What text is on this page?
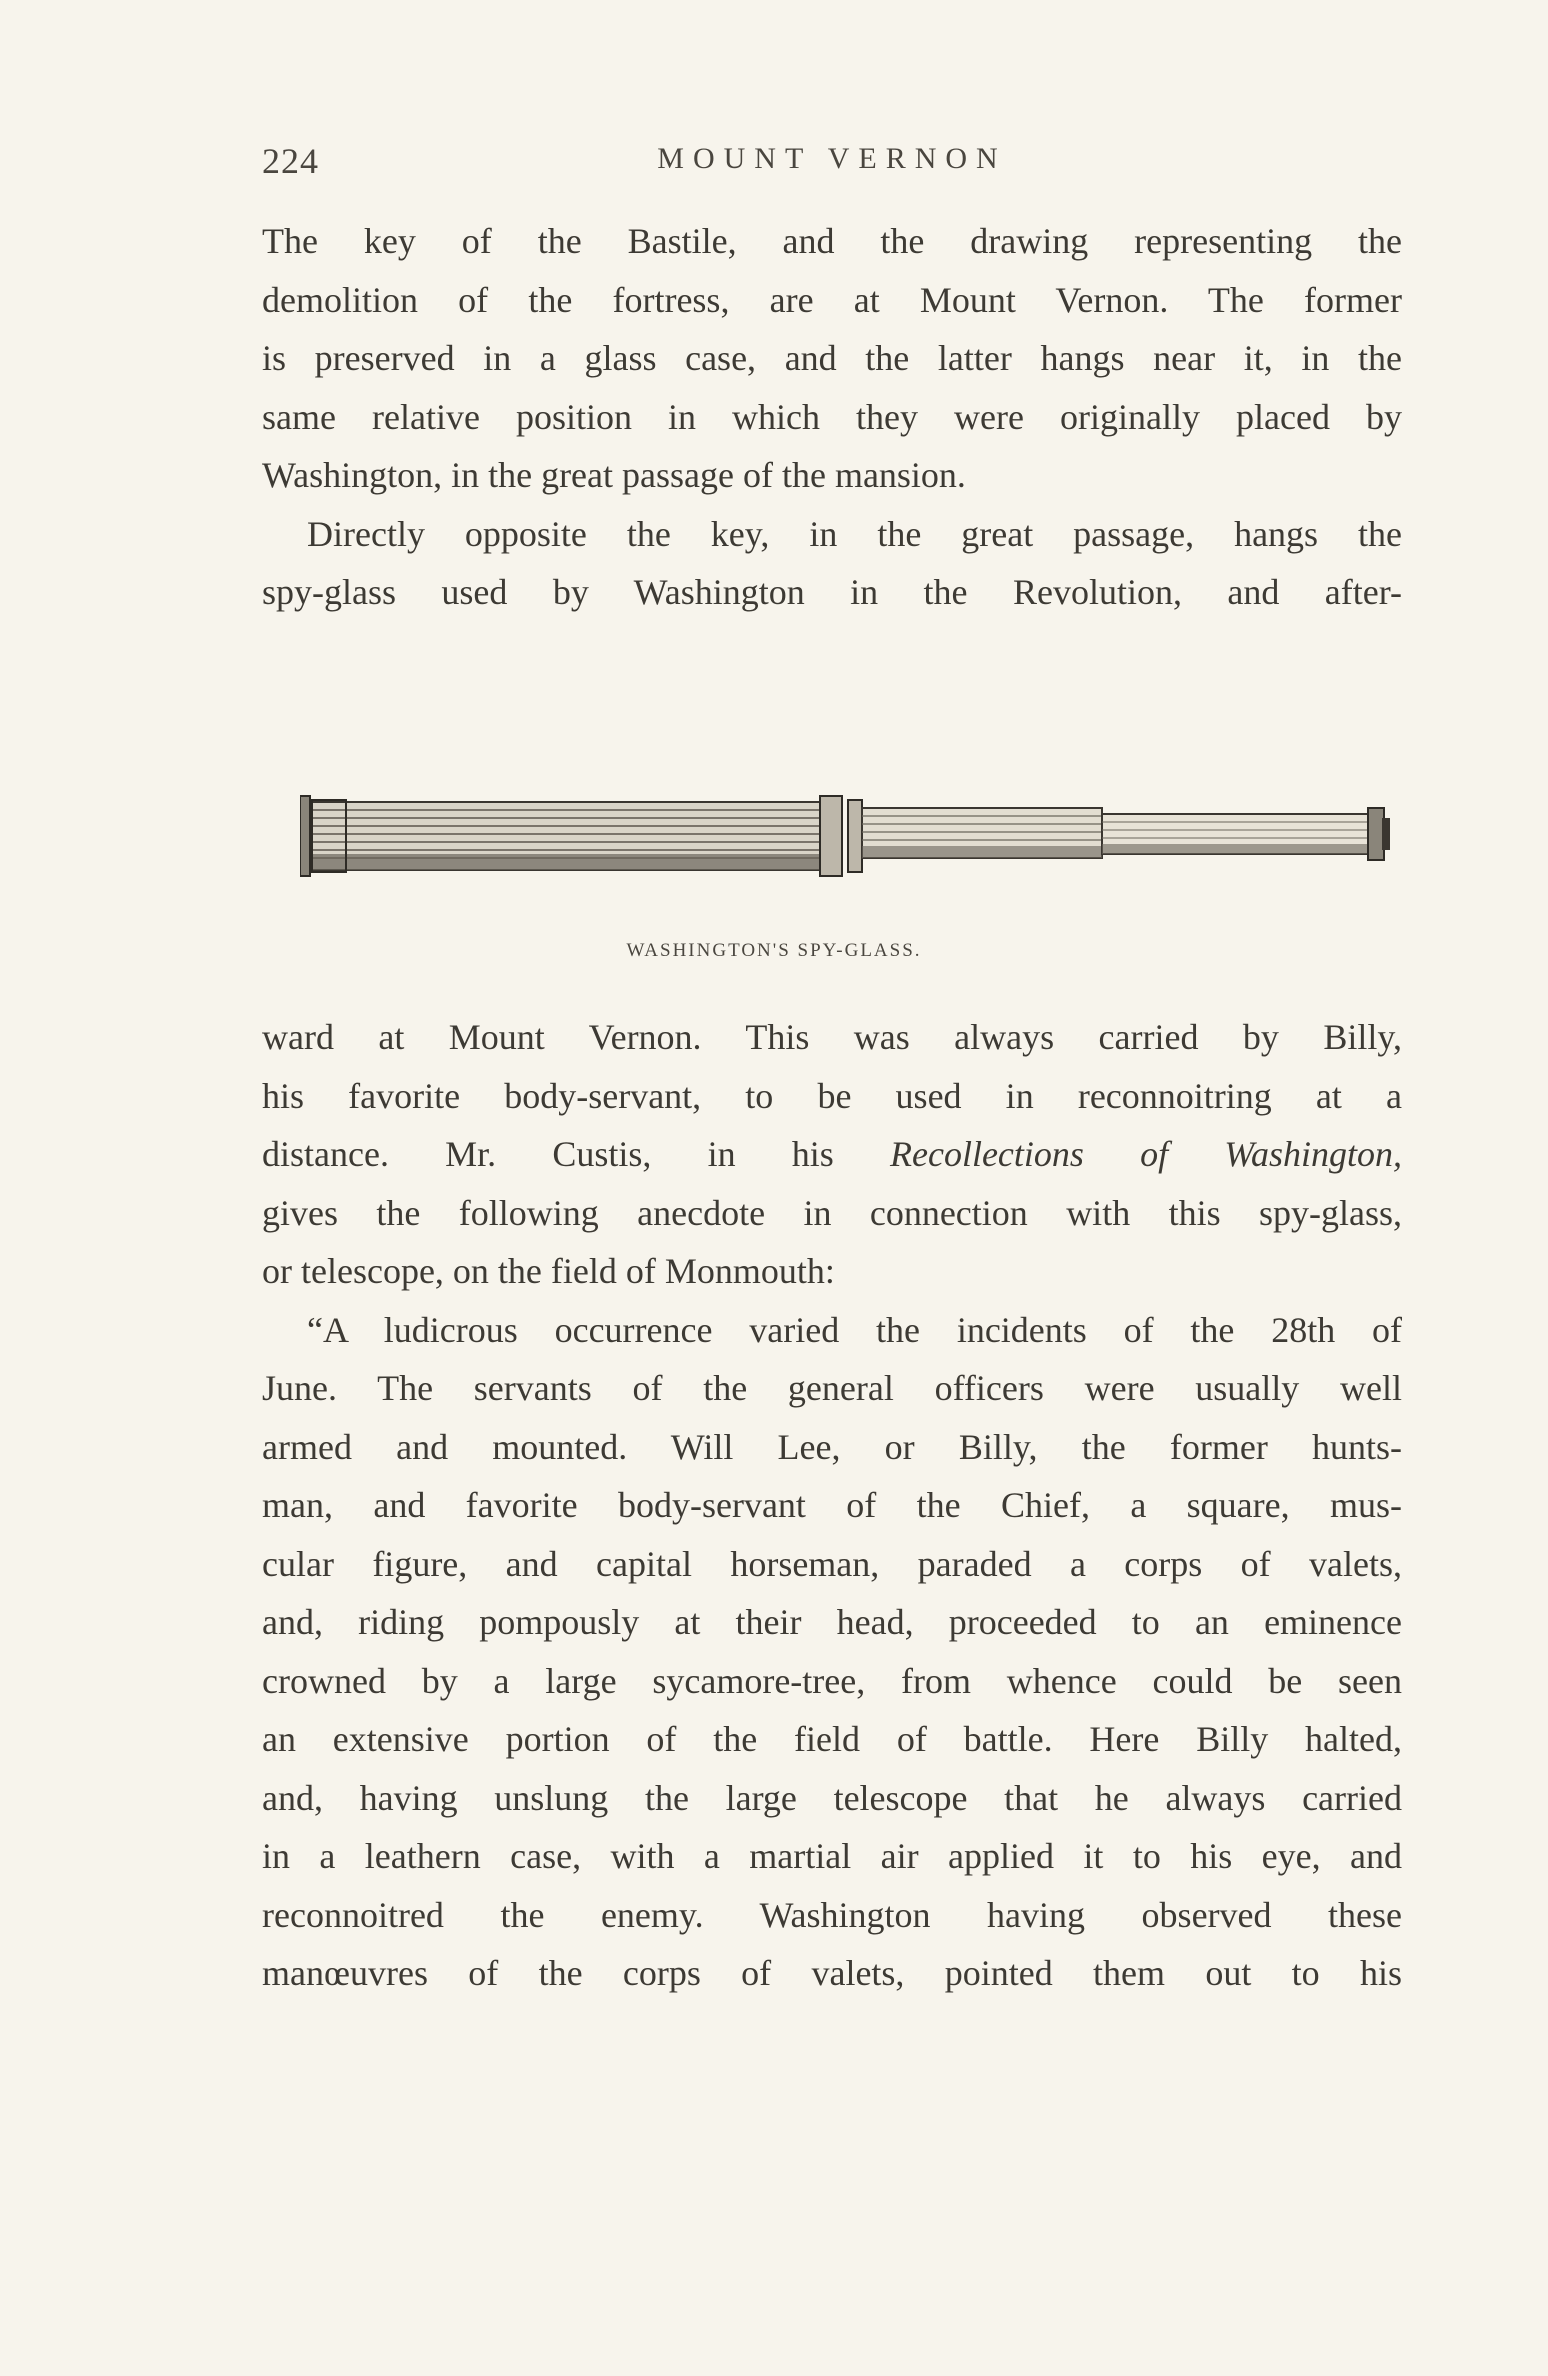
224	MOUNT VERNON

The key of the Bastile, and the drawing representing the
demolition of the fortress, are at Mount Vernon. The former
is preserved in a glass case, and the latter hangs near it, in the
same relative position in which they were originally placed by
Washington, in the great passage of the mansion.

Directly opposite the key, in the great passage, hangs the
spy-glass used by Washington in the Revolution, and after-

WASHINGTON'S SPY-GLASS.

ward at Mount Vernon. This was always carried by Billy,
his favorite body-servant, to be used in reconnoitring at a
distance. Mr. Custis, in his Recollections of Washington,
gives the following anecdote in connection with this spy-glass,
or telescope, on the field of Monmouth:

“A ludicrous occurrence varied the incidents of the 28th of
June. The servants of the general officers were usually well
armed and mounted. Will Lee, or Billy, the former hunts-
man, and favorite body-servant of the Chief, a square, mus-
cular figure, and capital horseman, paraded a corps of valets,
and, riding pompously at their head, proceeded to an eminence
crowned by a large sycamore-tree, from whence could be seen
an extensive portion of the field of battle. Here Billy halted,
and, having unslung the large telescope that he always carried
in a leathern case, with a martial air applied it to his eye, and
reconnoitred the enemy. Washington having observed these
manœuvres of the corps of valets, pointed them out to his
